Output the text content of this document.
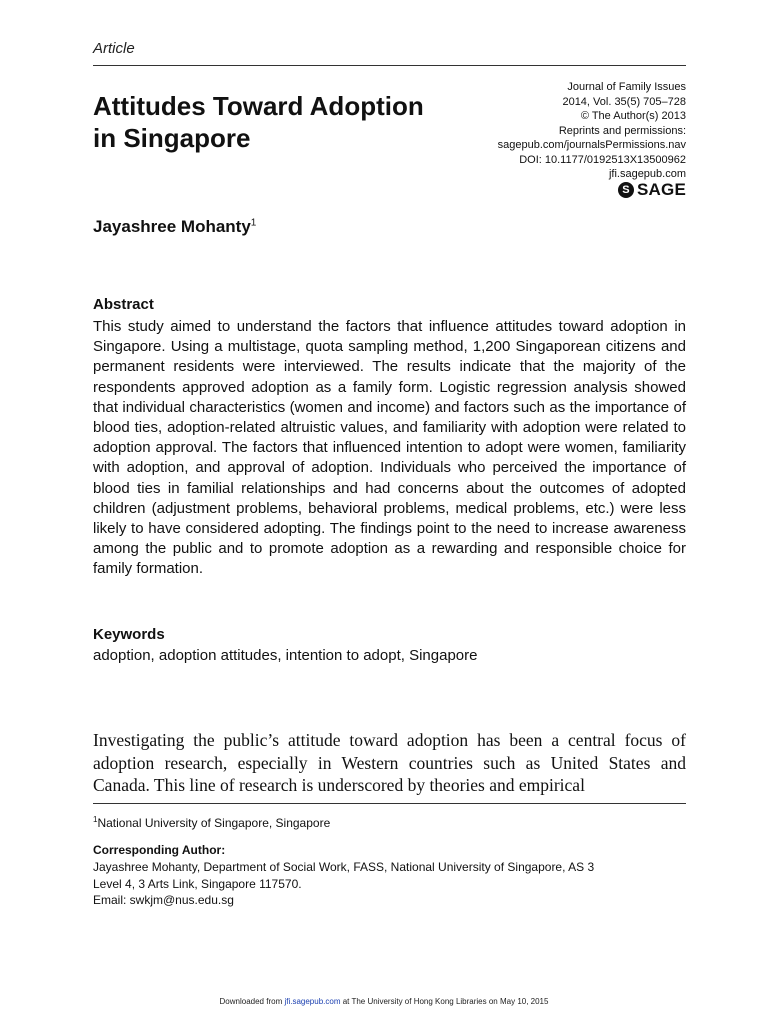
Article
Attitudes Toward Adoption in Singapore
Journal of Family Issues
2014, Vol. 35(5) 705–728
© The Author(s) 2013
Reprints and permissions:
sagepub.com/journalsPermissions.nav
DOI: 10.1177/0192513X13500962
jfi.sagepub.com
S SAGE
Jayashree Mohanty$^1$
Abstract
This study aimed to understand the factors that influence attitudes toward adoption in Singapore. Using a multistage, quota sampling method, 1,200 Singaporean citizens and permanent residents were interviewed. The results indicate that the majority of the respondents approved adoption as a family form. Logistic regression analysis showed that individual characteristics (women and income) and factors such as the importance of blood ties, adoption-related altruistic values, and familiarity with adoption were related to adoption approval. The factors that influenced intention to adopt were women, familiarity with adoption, and approval of adoption. Individuals who perceived the importance of blood ties in familial relationships and had concerns about the outcomes of adopted children (adjustment problems, behavioral problems, medical problems, etc.) were less likely to have considered adopting. The findings point to the need to increase awareness among the public and to promote adoption as a rewarding and responsible choice for family formation.
Keywords
adoption, adoption attitudes, intention to adopt, Singapore
Investigating the public’s attitude toward adoption has been a central focus of adoption research, especially in Western countries such as United States and Canada. This line of research is underscored by theories and empirical
$^1$National University of Singapore, Singapore
Corresponding Author:
Jayashree Mohanty, Department of Social Work, FASS, National University of Singapore, AS 3
Level 4, 3 Arts Link, Singapore 117570.
Email: swkjm@nus.edu.sg
Downloaded from jfi.sagepub.com at The University of Hong Kong Libraries on May 10, 2015
